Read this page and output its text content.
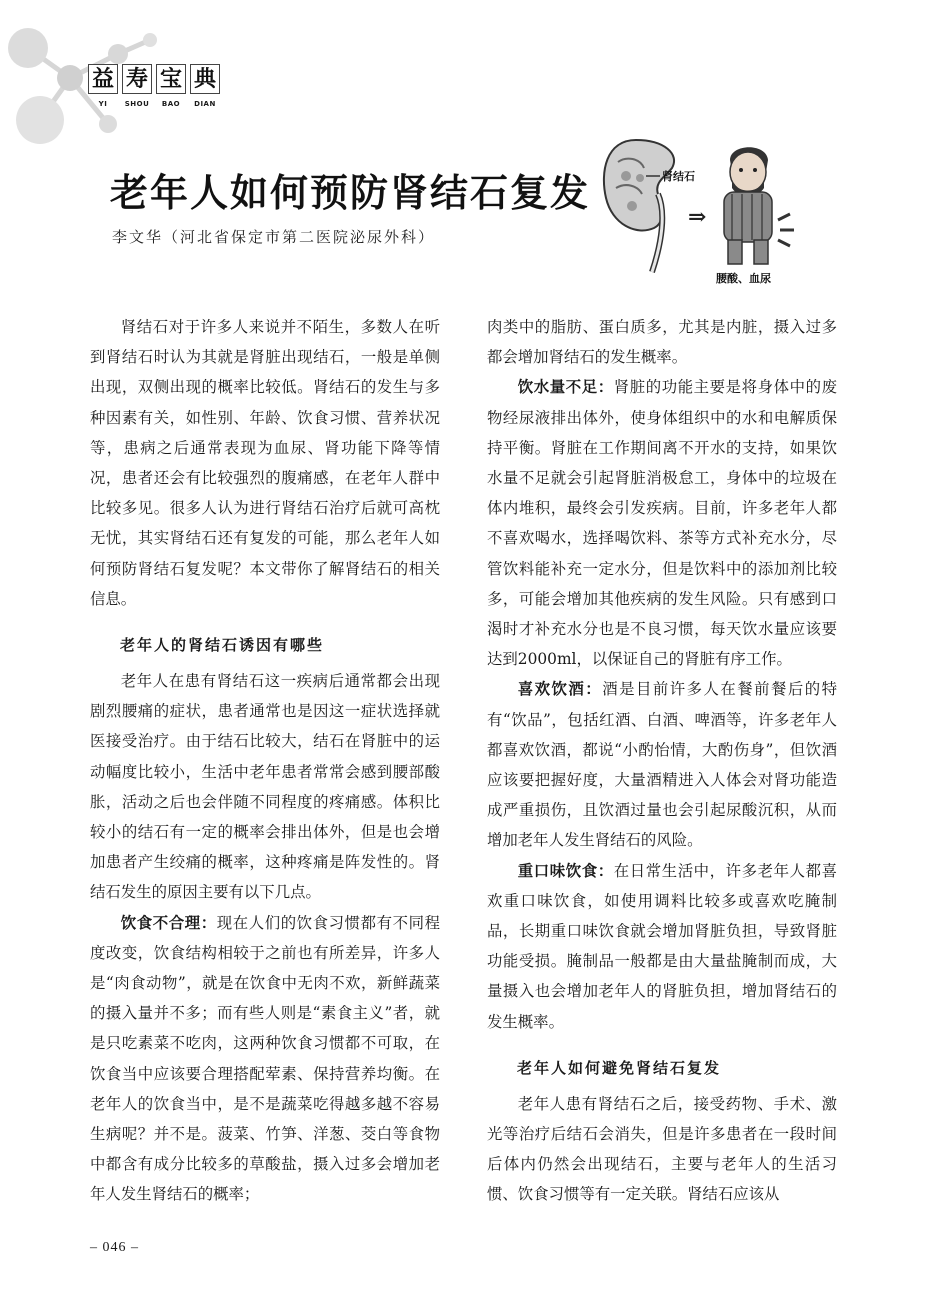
益 寿 宝 典
YI	SHOU	BAO	DIAN
老年人如何预防肾结石复发
李文华（河北省保定市第二医院泌尿外科）
肾结石
⇒
腰酸、血尿

肾结石对于许多人来说并不陌生，多数人在听到肾结石时认为其就是肾脏出现结石，一般是单侧出现，双侧出现的概率比较低。肾结石的发生与多种因素有关，如性别、年龄、饮食习惯、营养状况等，患病之后通常表现为血尿、肾功能下降等情况，患者还会有比较强烈的腹痛感，在老年人群中比较多见。很多人认为进行肾结石治疗后就可高枕无忧，其实肾结石还有复发的可能，那么老年人如何预防肾结石复发呢？本文带你了解肾结石的相关信息。

老年人的肾结石诱因有哪些

老年人在患有肾结石这一疾病后通常都会出现剧烈腰痛的症状，患者通常也是因这一症状选择就医接受治疗。由于结石比较大，结石在肾脏中的运动幅度比较小，生活中老年患者常常会感到腰部酸胀，活动之后也会伴随不同程度的疼痛感。体积比较小的结石有一定的概率会排出体外，但是也会增加患者产生绞痛的概率，这种疼痛是阵发性的。肾结石发生的原因主要有以下几点。

饮食不合理：现在人们的饮食习惯都有不同程度改变，饮食结构相较于之前也有所差异，许多人是“肉食动物”，就是在饮食中无肉不欢，新鲜蔬菜的摄入量并不多；而有些人则是“素食主义”者，就是只吃素菜不吃肉，这两种饮食习惯都不可取，在饮食当中应该要合理搭配荤素、保持营养均衡。在老年人的饮食当中，是不是蔬菜吃得越多越不容易生病呢？并不是。菠菜、竹笋、洋葱、茭白等食物中都含有成分比较多的草酸盐，摄入过多会增加老年人发生肾结石的概率；

肉类中的脂肪、蛋白质多，尤其是内脏，摄入过多都会增加肾结石的发生概率。

饮水量不足：肾脏的功能主要是将身体中的废物经尿液排出体外，使身体组织中的水和电解质保持平衡。肾脏在工作期间离不开水的支持，如果饮水量不足就会引起肾脏消极怠工，身体中的垃圾在体内堆积，最终会引发疾病。目前，许多老年人都不喜欢喝水，选择喝饮料、茶等方式补充水分，尽管饮料能补充一定水分，但是饮料中的添加剂比较多，可能会增加其他疾病的发生风险。只有感到口渴时才补充水分也是不良习惯，每天饮水量应该要达到2000ml，以保证自己的肾脏有序工作。

喜欢饮酒：酒是目前许多人在餐前餐后的特有“饮品”，包括红酒、白酒、啤酒等，许多老年人都喜欢饮酒，都说“小酌怡情，大酌伤身”，但饮酒应该要把握好度，大量酒精进入人体会对肾功能造成严重损伤，且饮酒过量也会引起尿酸沉积，从而增加老年人发生肾结石的风险。

重口味饮食：在日常生活中，许多老年人都喜欢重口味饮食，如使用调料比较多或喜欢吃腌制品，长期重口味饮食就会增加肾脏负担，导致肾脏功能受损。腌制品一般都是由大量盐腌制而成，大量摄入也会增加老年人的肾脏负担，增加肾结石的发生概率。

老年人如何避免肾结石复发

老年人患有肾结石之后，接受药物、手术、激光等治疗后结石会消失，但是许多患者在一段时间后体内仍然会出现结石，主要与老年人的生活习惯、饮食习惯等有一定关联。肾结石应该从

– 046 –
